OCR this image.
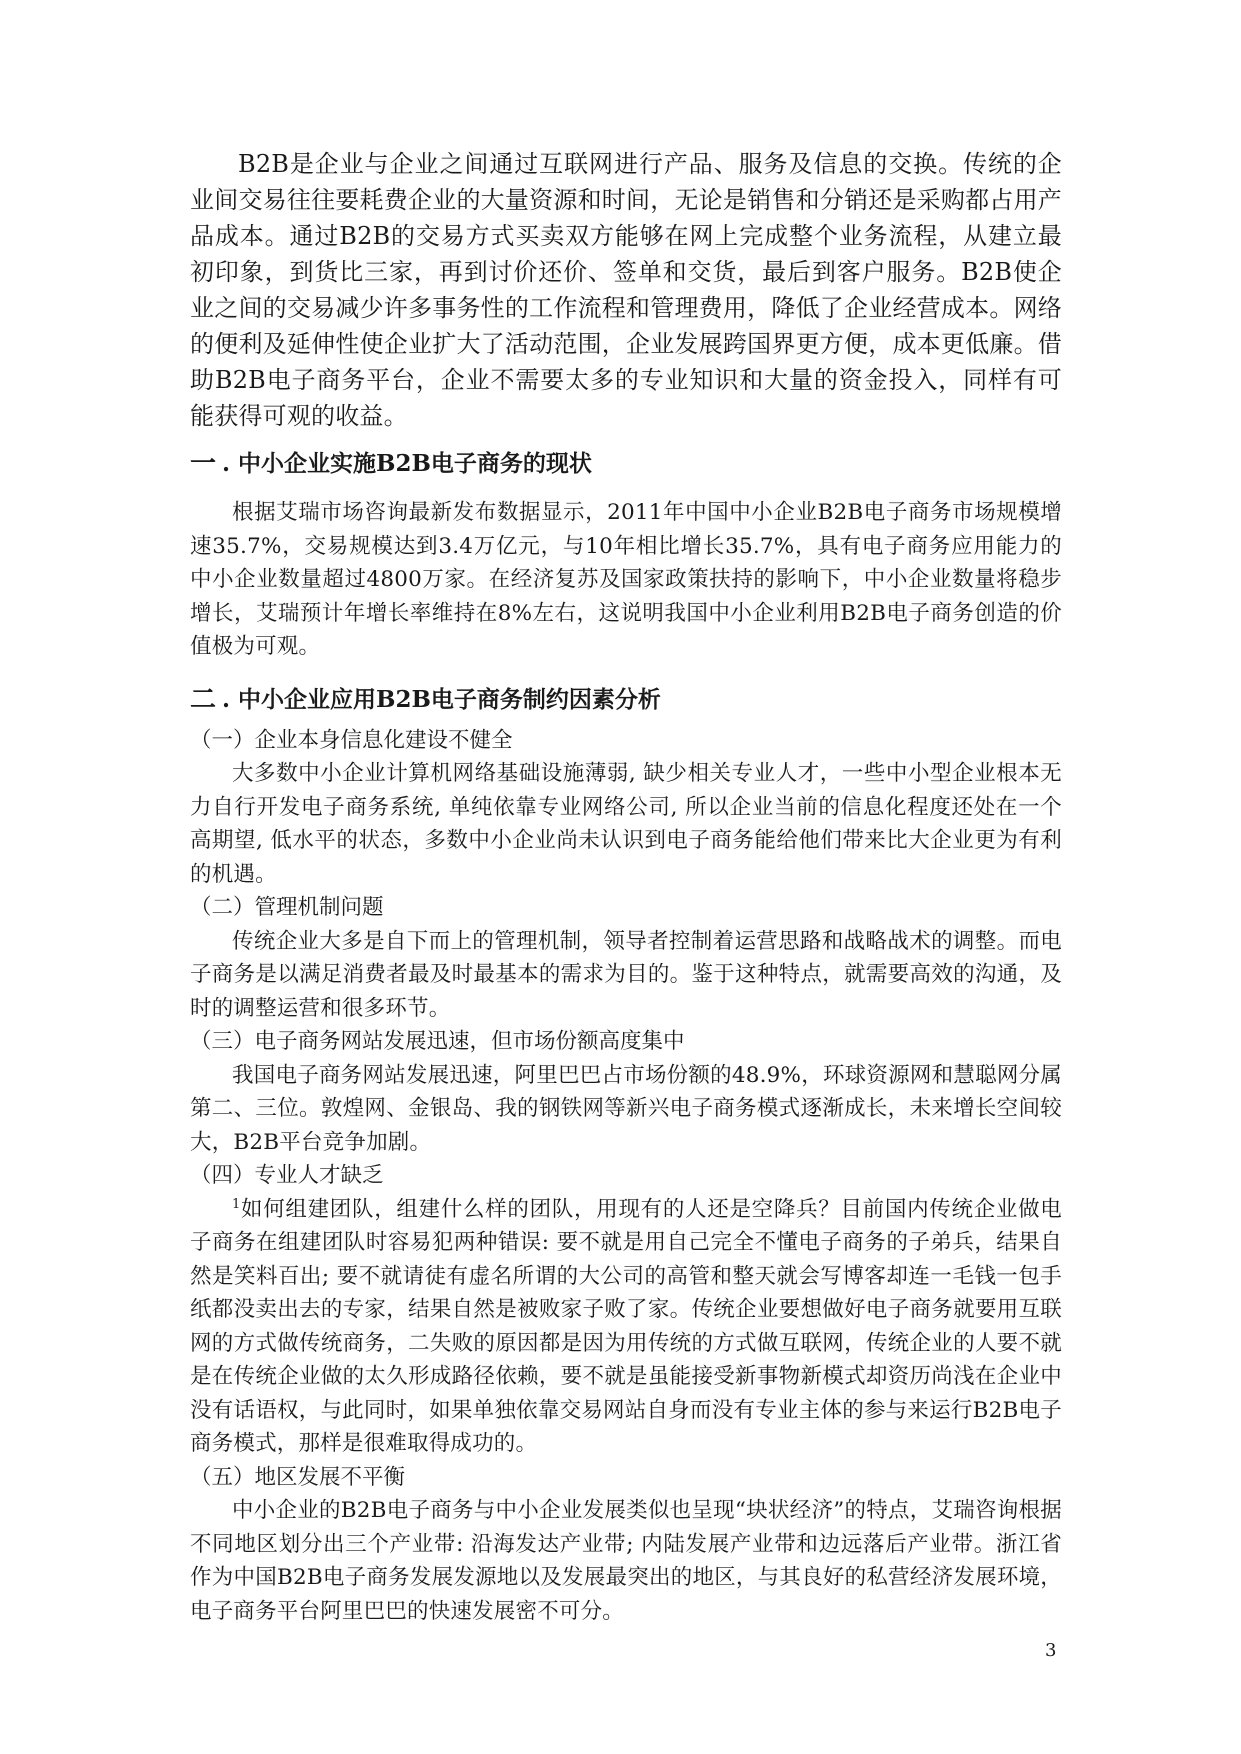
B2B是企业与企业之间通过互联网进行产品、服务及信息的交换。传统的企业间交易往往要耗费企业的大量资源和时间，无论是销售和分销还是采购都占用产品成本。通过B2B的交易方式买卖双方能够在网上完成整个业务流程，从建立最初印象，到货比三家，再到讨价还价、签单和交货，最后到客户服务。B2B使企业之间的交易减少许多事务性的工作流程和管理费用，降低了企业经营成本。网络的便利及延伸性使企业扩大了活动范围，企业发展跨国界更方便，成本更低廉。借助B2B电子商务平台，企业不需要太多的专业知识和大量的资金投入，同样有可能获得可观的收益。

一 . 中小企业实施B2B电子商务的现状

根据艾瑞市场咨询最新发布数据显示，2011年中国中小企业B2B电子商务市场规模增速35.7%，交易规模达到3.4万亿元，与10年相比增长35.7%，具有电子商务应用能力的中小企业数量超过4800万家。在经济复苏及国家政策扶持的影响下，中小企业数量将稳步增长，艾瑞预计年增长率维持在8%左右，这说明我国中小企业利用B2B电子商务创造的价值极为可观。

二 . 中小企业应用B2B电子商务制约因素分析

（一）企业本身信息化建设不健全

大多数中小企业计算机网络基础设施薄弱, 缺少相关专业人才，一些中小型企业根本无力自行开发电子商务系统, 单纯依靠专业网络公司, 所以企业当前的信息化程度还处在一个高期望, 低水平的状态，多数中小企业尚未认识到电子商务能给他们带来比大企业更为有利的机遇。

（二）管理机制问题

传统企业大多是自下而上的管理机制，领导者控制着运营思路和战略战术的调整。而电子商务是以满足消费者最及时最基本的需求为目的。鉴于这种特点，就需要高效的沟通，及时的调整运营和很多环节。

（三）电子商务网站发展迅速，但市场份额高度集中

我国电子商务网站发展迅速，阿里巴巴占市场份额的48.9%，环球资源网和慧聪网分属第二、三位。敦煌网、金银岛、我的钢铁网等新兴电子商务模式逐渐成长，未来增长空间较大，B2B平台竞争加剧。

（四）专业人才缺乏

$^1$如何组建团队，组建什么样的团队，用现有的人还是空降兵？目前国内传统企业做电子商务在组建团队时容易犯两种错误: 要不就是用自己完全不懂电子商务的子弟兵，结果自然是笑料百出; 要不就请徒有虚名所谓的大公司的高管和整天就会写博客却连一毛钱一包手纸都没卖出去的专家，结果自然是被败家子败了家。传统企业要想做好电子商务就要用互联网的方式做传统商务，二失败的原因都是因为用传统的方式做互联网，传统企业的人要不就是在传统企业做的太久形成路径依赖，要不就是虽能接受新事物新模式却资历尚浅在企业中没有话语权，与此同时，如果单独依靠交易网站自身而没有专业主体的参与来运行B2B电子商务模式，那样是很难取得成功的。

（五）地区发展不平衡

中小企业的B2B电子商务与中小企业发展类似也呈现“块状经济”的特点，艾瑞咨询根据不同地区划分出三个产业带: 沿海发达产业带; 内陆发展产业带和边远落后产业带。浙江省作为中国B2B电子商务发展发源地以及发展最突出的地区，与其良好的私营经济发展环境，电子商务平台阿里巴巴的快速发展密不可分。

3
